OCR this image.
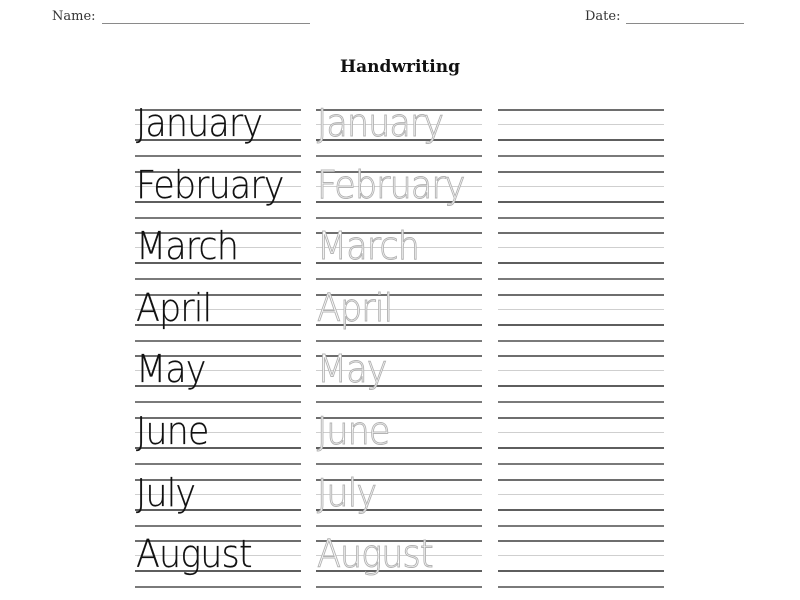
Name:	Date:
Handwriting
January January
February February
March March
April	April
May	May
June	June
July	July
August August
